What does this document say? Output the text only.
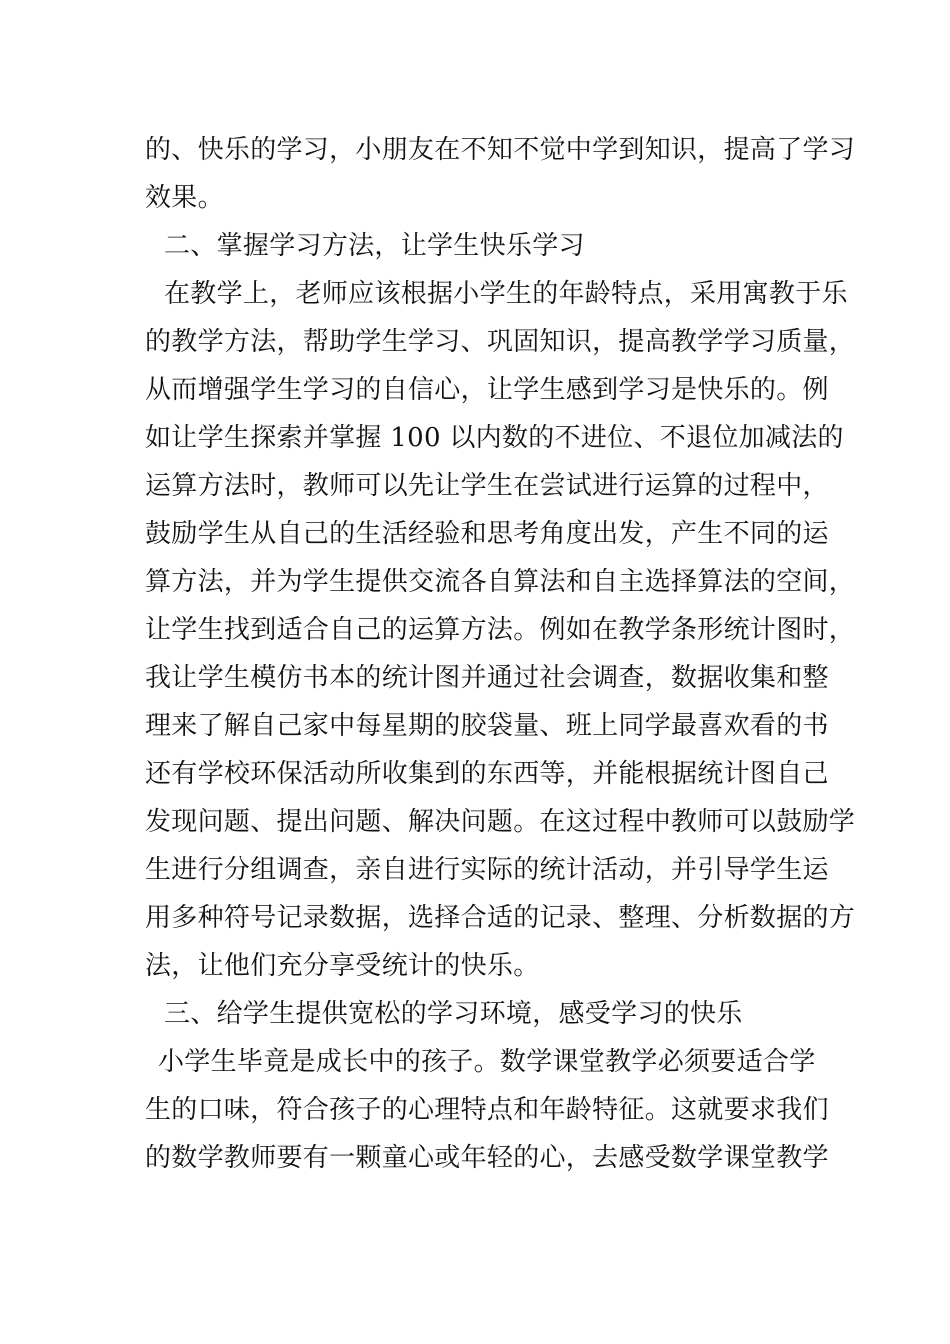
的、快乐的学习，小朋友在不知不觉中学到知识，提高了学习
效果。
二、掌握学习方法，让学生快乐学习
在教学上，老师应该根据小学生的年龄特点，采用寓教于乐
的教学方法，帮助学生学习、巩固知识，提高教学学习质量，
从而增强学生学习的自信心，让学生感到学习是快乐的。例
如让学生探索并掌握 100 以内数的不进位、不退位加减法的
运算方法时，教师可以先让学生在尝试进行运算的过程中，
鼓励学生从自己的生活经验和思考角度出发，产生不同的运
算方法，并为学生提供交流各自算法和自主选择算法的空间，
让学生找到适合自己的运算方法。例如在教学条形统计图时，
我让学生模仿书本的统计图并通过社会调查，数据收集和整
理来了解自己家中每星期的胶袋量、班上同学最喜欢看的书
还有学校环保活动所收集到的东西等，并能根据统计图自己
发现问题、提出问题、解决问题。在这过程中教师可以鼓励学
生进行分组调查，亲自进行实际的统计活动，并引导学生运
用多种符号记录数据，选择合适的记录、整理、分析数据的方
法，让他们充分享受统计的快乐。
三、给学生提供宽松的学习环境，感受学习的快乐
小学生毕竟是成长中的孩子。数学课堂教学必须要适合学
生的口味，符合孩子的心理特点和年龄特征。这就要求我们
的数学教师要有一颗童心或年轻的心，去感受数学课堂教学
